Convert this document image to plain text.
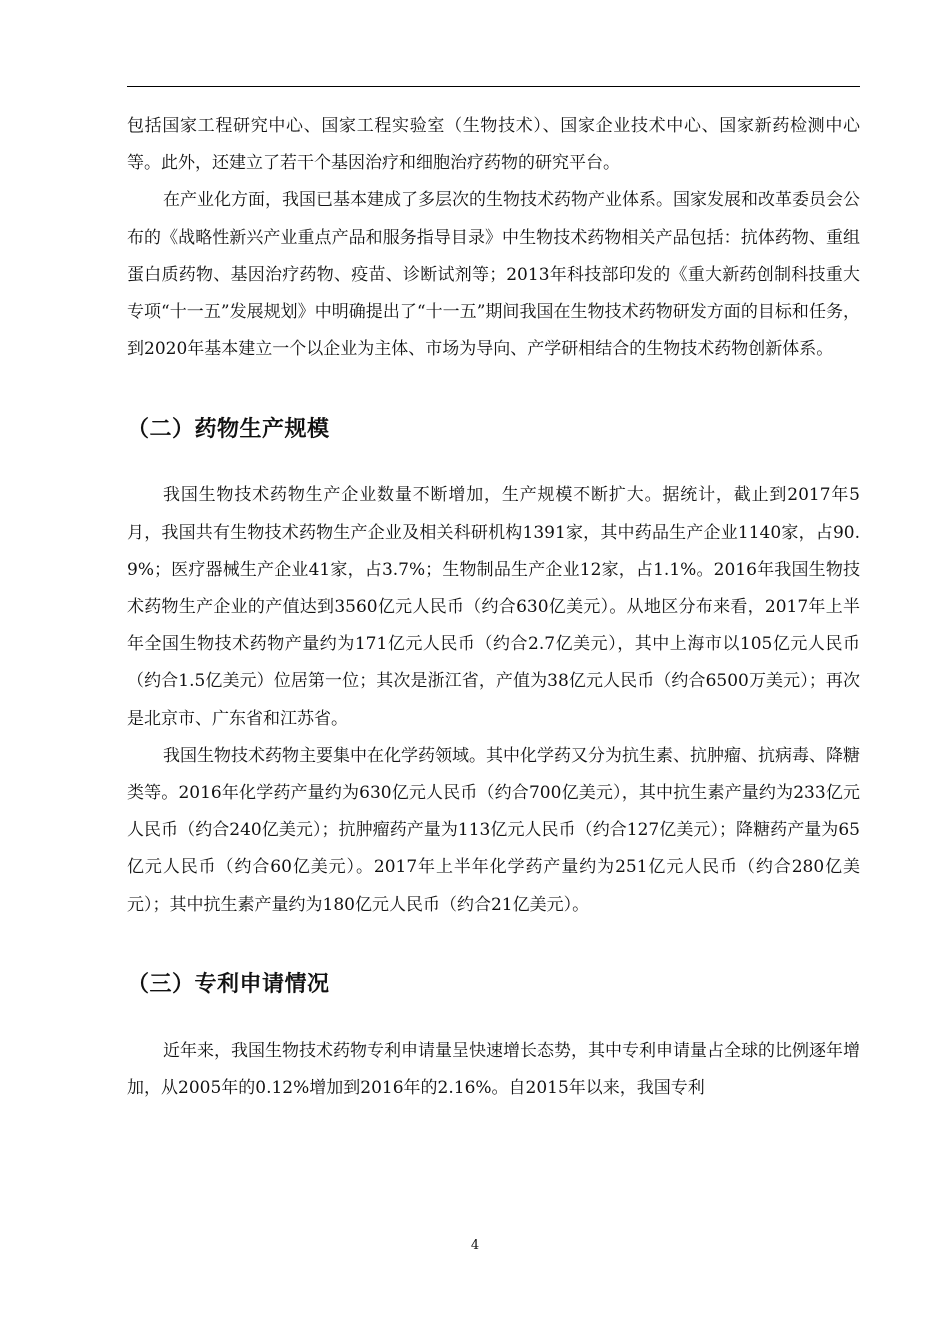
包括国家工程研究中心、国家工程实验室（生物技术）、国家企业技术中心、国家新药检测中心等。此外，还建立了若干个基因治疗和细胞治疗药物的研究平台。

在产业化方面，我国已基本建成了多层次的生物技术药物产业体系。国家发展和改革委员会公布的《战略性新兴产业重点产品和服务指导目录》中生物技术药物相关产品包括：抗体药物、重组蛋白质药物、基因治疗药物、疫苗、诊断试剂等；2013年科技部印发的《重大新药创制科技重大专项“十一五”发展规划》中明确提出了“十一五”期间我国在生物技术药物研发方面的目标和任务，到2020年基本建立一个以企业为主体、市场为导向、产学研相结合的生物技术药物创新体系。

（二）药物生产规模

我国生物技术药物生产企业数量不断增加，生产规模不断扩大。据统计，截止到2017年5月，我国共有生物技术药物生产企业及相关科研机构1391家，其中药品生产企业1140家，占90.9%；医疗器械生产企业41家，占3.7%；生物制品生产企业12家，占1.1%。2016年我国生物技术药物生产企业的产值达到3560亿元人民币（约合630亿美元）。从地区分布来看，2017年上半年全国生物技术药物产量约为171亿元人民币（约合2.7亿美元），其中上海市以105亿元人民币（约合1.5亿美元）位居第一位；其次是浙江省，产值为38亿元人民币（约合6500万美元）；再次是北京市、广东省和江苏省。

我国生物技术药物主要集中在化学药领域。其中化学药又分为抗生素、抗肿瘤、抗病毒、降糖类等。2016年化学药产量约为630亿元人民币（约合700亿美元），其中抗生素产量约为233亿元人民币（约合240亿美元）；抗肿瘤药产量为113亿元人民币（约合127亿美元）；降糖药产量为65亿元人民币（约合60亿美元）。2017年上半年化学药产量约为251亿元人民币（约合280亿美元）；其中抗生素产量约为180亿元人民币（约合21亿美元）。

（三）专利申请情况

近年来，我国生物技术药物专利申请量呈快速增长态势，其中专利申请量占全球的比例逐年增加，从2005年的0.12%增加到2016年的2.16%。自2015年以来，我国专利

4
